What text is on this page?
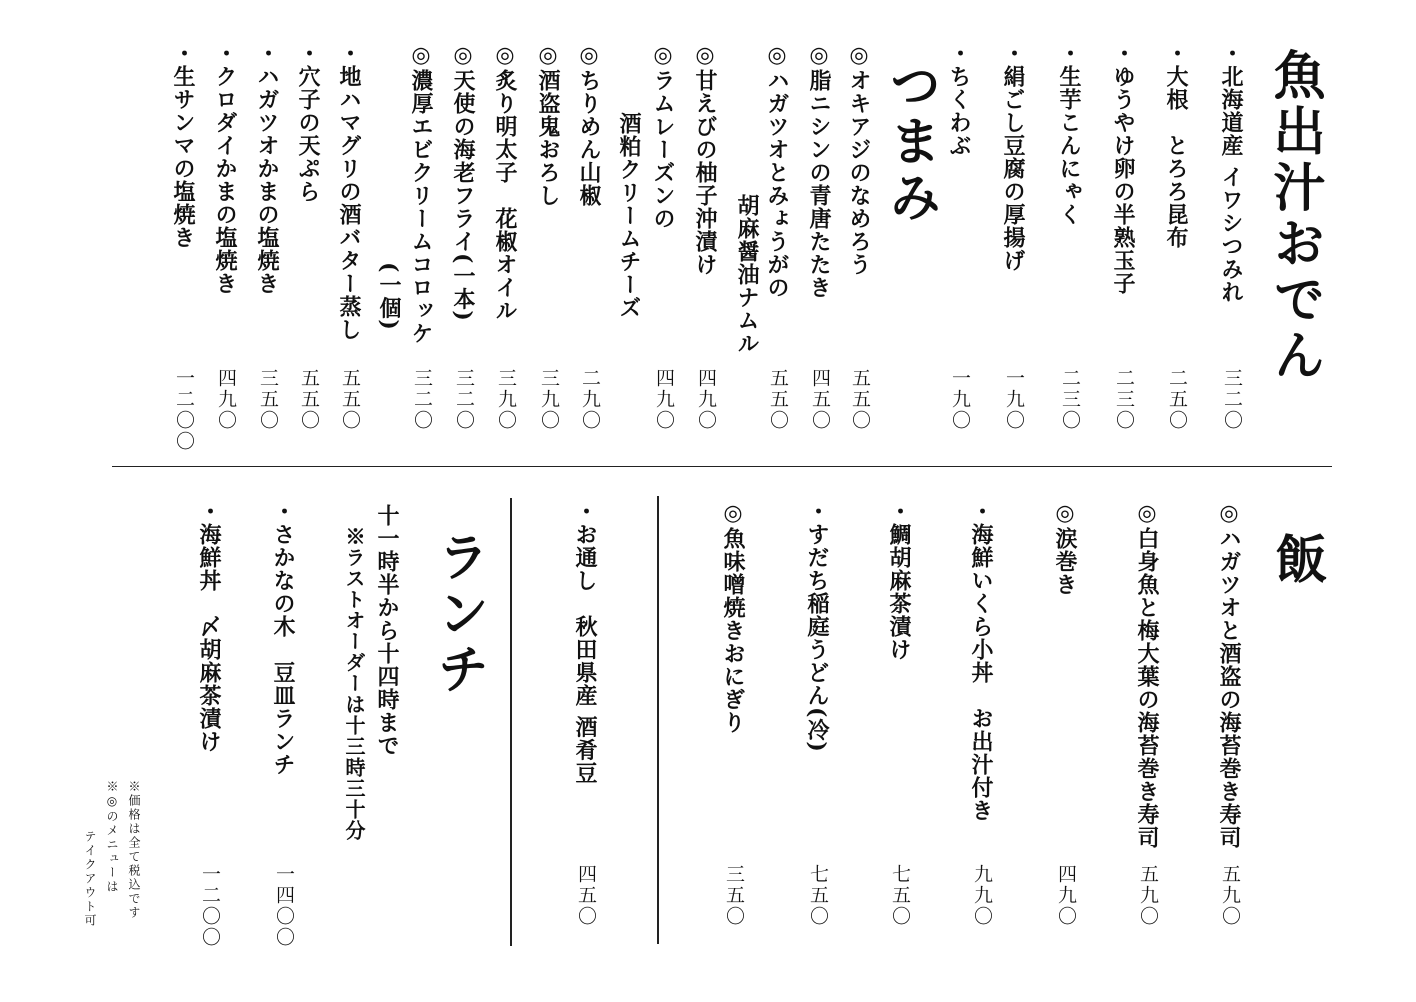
魚出汁おでん
・北海道産 イワシつみれ
三二〇
・大根　とろろ昆布
二五〇
・ゆうやけ卵の半熟玉子
二三〇
・生芋こんにゃく
二三〇
・絹ごし豆腐の厚揚げ
一九〇
・ちくわぶ
一九〇
つまみ
◎オキアジのなめろう
五五〇
◎脂ニシンの青唐たたき
四五〇
◎ハガツオとみょうがの
胡麻醤油ナムル
五五〇
◎甘えびの柚子沖漬け
四九〇
◎ラムレーズンの
酒粕クリームチーズ
四九〇
◎ちりめん山椒
二九〇
◎酒盗鬼おろし
三九〇
◎炙り明太子　花椒オイル
三九〇
◎天使の海老フライ(一本)
三二〇
◎濃厚エビクリームコロッケ
(一個)
三二〇
・地ハマグリの酒バター蒸し
五五〇
・穴子の天ぷら
五五〇
・ハガツオかまの塩焼き
三五〇
・クロダイかまの塩焼き
四九〇
・生サンマの塩焼き
一二〇〇
飯
◎ハガツオと酒盗の海苔巻き寿司
五九〇
◎白身魚と梅大葉の海苔巻き寿司
五九〇
◎涙巻き
四九〇
・海鮮いくら小丼　お出汁付き
九九〇
・鯛胡麻茶漬け
七五〇
・すだち稲庭うどん(冷)
七五〇
◎魚味噌焼きおにぎり
三五〇
・お通し　秋田県産 酒肴豆
四五〇
ランチ
十一時半から十四時まで
※ラストオーダーは十三時三十分
・さかなの木　豆皿ランチ
一四〇〇
・海鮮丼　〆胡麻茶漬け
一二〇〇
※価格は全て税込です
※◎のメニューは
テイクアウト可
